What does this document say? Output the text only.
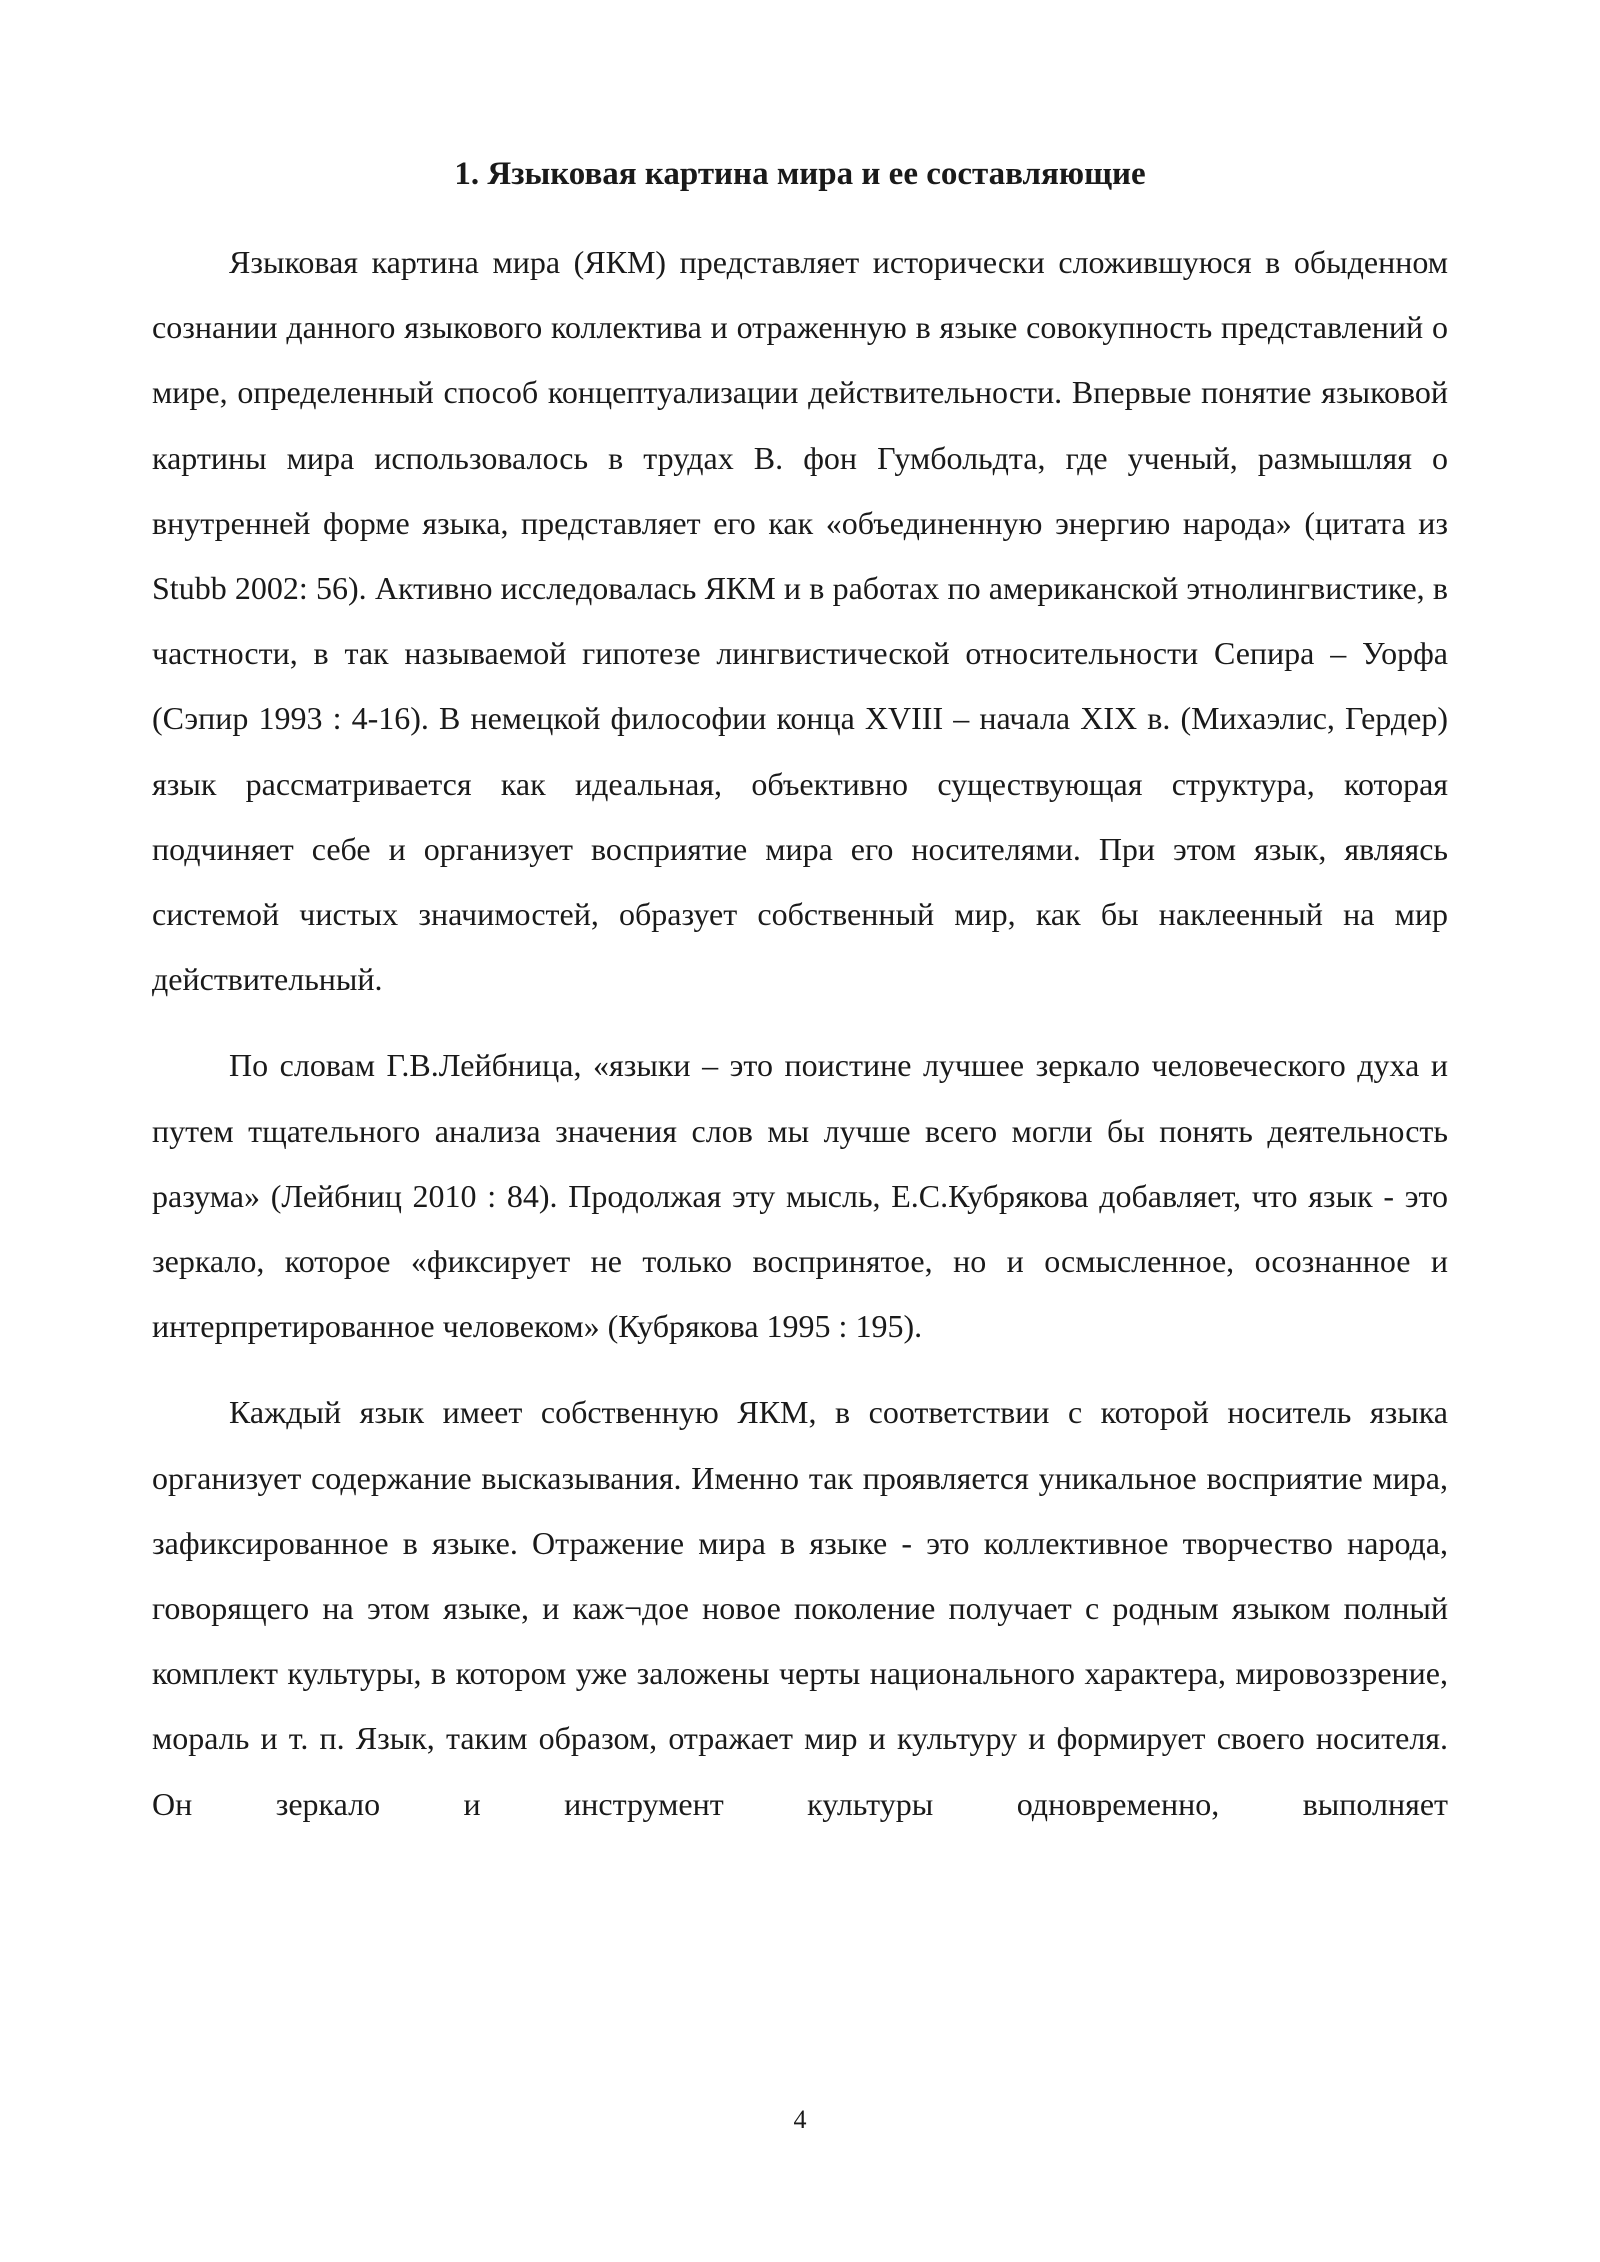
1. Языковая картина мира и ее составляющие

Языковая картина мира (ЯКМ) представляет исторически сложившуюся в обыденном сознании данного языкового коллектива и отраженную в языке совокупность представлений о мире, определенный способ концептуализации действительности. Впервые понятие языковой картины мира использовалось в трудах В. фон Гумбольдта, где ученый, размышляя о внутренней форме языка, представляет его как «объединенную энергию народа» (цитата из Stubb 2002: 56). Активно исследовалась ЯКМ и в работах по американской этнолингвистике, в частности, в так называемой гипотезе лингвистической относительности Сепира – Уорфа (Сэпир 1993 : 4-16). В немецкой философии конца XVIII – начала XIX в. (Михаэлис, Гердер) язык рассматривается как идеальная, объективно существующая структура, которая подчиняет себе и организует восприятие мира его носителями. При этом язык, являясь системой чистых значимостей, образует собственный мир, как бы наклеенный на мир действительный.

По словам Г.В.Лейбница, «языки – это поистине лучшее зеркало человеческого духа и путем тщательного анализа значения слов мы лучше всего могли бы понять деятельность разума» (Лейбниц 2010 : 84). Продолжая эту мысль, Е.С.Кубрякова добавляет, что язык - это зеркало, которое «фиксирует не только воспринятое, но и осмысленное, осознанное и интерпретированное человеком» (Кубрякова 1995 : 195).

Каждый язык имеет собственную ЯКМ, в соответствии с которой носитель языка организует содержание высказывания. Именно так проявляется уникальное восприятие мира, зафиксированное в языке. Отражение мира в языке - это коллективное творчество народа, говорящего на этом языке, и каж¬дое новое поколение получает с родным языком полный комплект культуры, в котором уже заложены черты национального характера, мировоззрение, мораль и т. п. Язык, таким образом, отражает мир и культуру и формирует своего носителя. Он зеркало и инструмент культуры одновременно, выполняет

4
